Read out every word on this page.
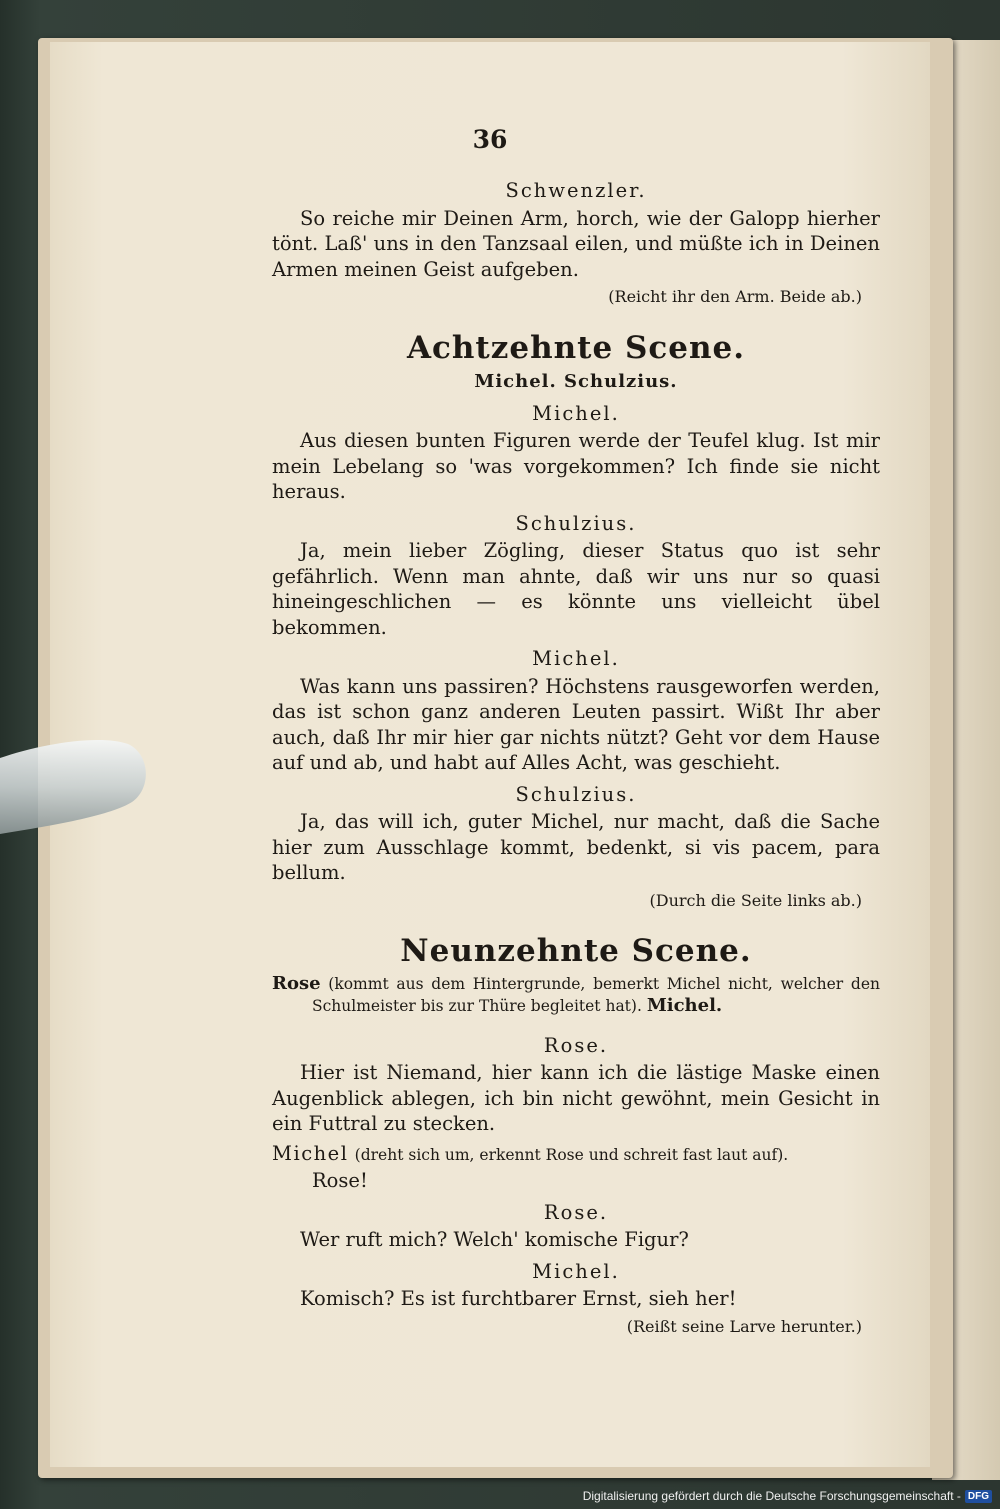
36
Schwenzler.

So reiche mir Deinen Arm, horch, wie der Galopp hierher tönt. Laß' uns in den Tanzsaal eilen, und müßte ich in Deinen Armen meinen Geist aufgeben.

(Reicht ihr den Arm. Beide ab.)
Achtzehnte Scene.
Michel. Schulzius.
Michel.

Aus diesen bunten Figuren werde der Teufel klug. Ist mir mein Lebelang so 'was vorgekommen? Ich finde sie nicht heraus.

Schulzius.

Ja, mein lieber Zögling, dieser Status quo ist sehr gefährlich. Wenn man ahnte, daß wir uns nur so quasi hineingeschlichen — es könnte uns vielleicht übel bekommen.

Michel.

Was kann uns passiren? Höchstens rausgeworfen werden, das ist schon ganz anderen Leuten passirt. Wißt Ihr aber auch, daß Ihr mir hier gar nichts nützt? Geht vor dem Hause auf und ab, und habt auf Alles Acht, was geschieht.

Schulzius.

Ja, das will ich, guter Michel, nur macht, daß die Sache hier zum Ausschlage kommt, bedenkt, si vis pacem, para bellum.

(Durch die Seite links ab.)
Neunzehnte Scene.
Rose (kommt aus dem Hintergrunde, bemerkt Michel nicht, welcher den Schulmeister bis zur Thüre begleitet hat). Michel.
Rose.

Hier ist Niemand, hier kann ich die lästige Maske einen Augenblick ablegen, ich bin nicht gewöhnt, mein Gesicht in ein Futtral zu stecken.

Michel (dreht sich um, erkennt Rose und schreit fast laut auf).
Rose!
Rose.

Wer ruft mich? Welch' komische Figur?

Michel.

Komisch? Es ist furchtbarer Ernst, sieh her!

(Reißt seine Larve herunter.)
Digitalisierung gefördert durch die Deutsche Forschungsgemeinschaft - DFG
